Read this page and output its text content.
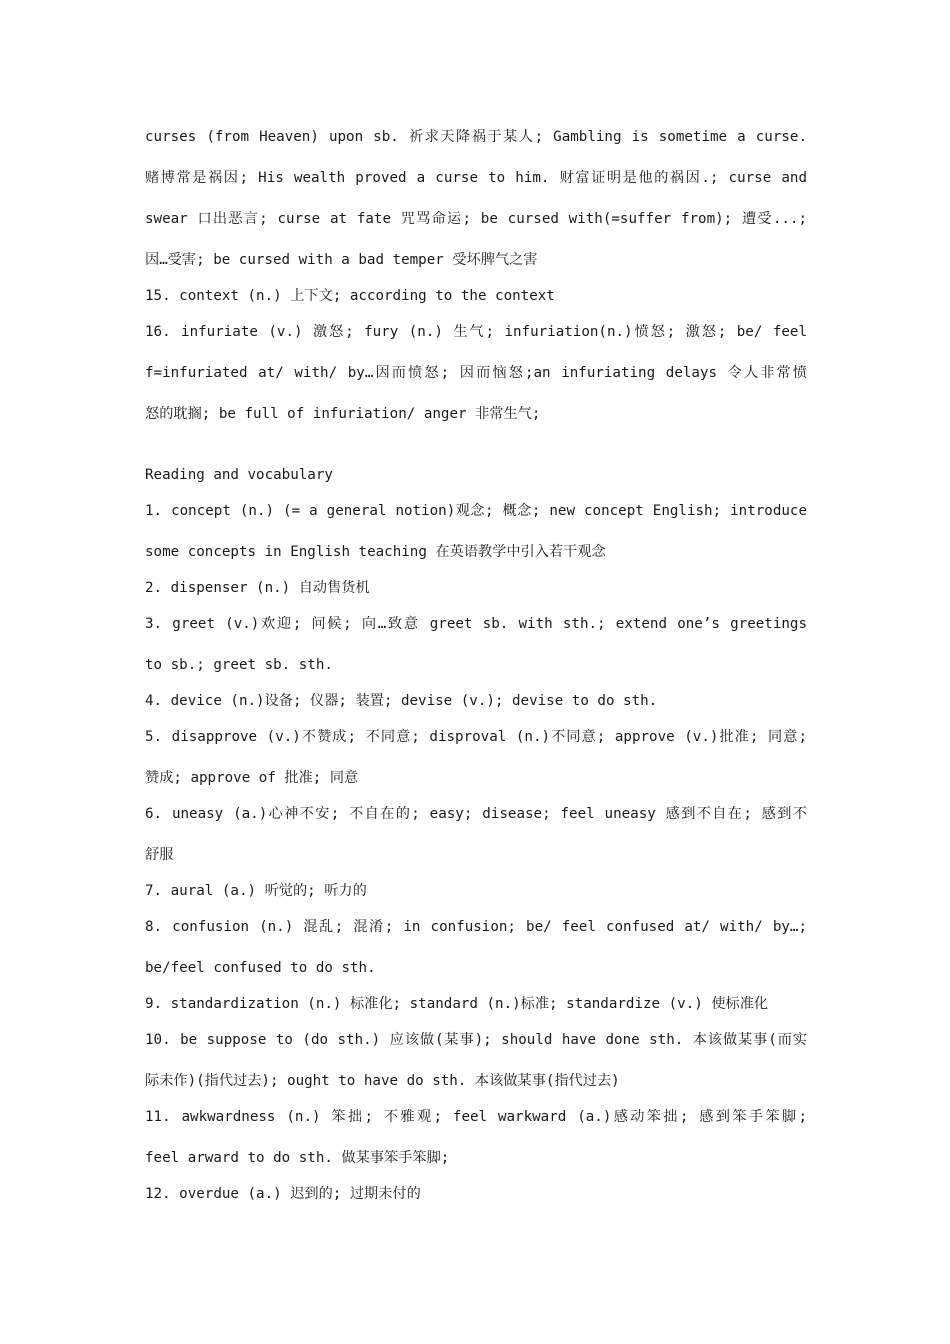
curses (from Heaven) upon sb. 祈求天降祸于某人; Gambling is sometime a curse.
赌博常是祸因; His wealth proved a curse to him. 财富证明是他的祸因.; curse and
swear 口出恶言; curse at fate 咒骂命运; be cursed with(=suffer from); 遭受...;
因…受害; be cursed with a bad temper 受坏脾气之害
15. context (n.) 上下文; according to the context
16. infuriate (v.) 激怒; fury (n.) 生气; infuriation(n.)愤怒; 激怒; be/ feel
f=infuriated at/ with/ by…因而愤怒; 因而恼怒;an infuriating delays 令人非常愤
怒的耽搁; be full of infuriation/ anger 非常生气;
Reading and vocabulary
1. concept (n.) (= a general notion)观念; 概念; new concept English; introduce
some concepts in English teaching 在英语教学中引入若干观念
2. dispenser (n.) 自动售货机
3. greet (v.)欢迎; 问候; 向…致意 greet sb. with sth.; extend one’s greetings
to sb.; greet sb. sth.
4. device (n.)设备; 仪器; 装置; devise (v.); devise to do sth.
5. disapprove (v.)不赞成; 不同意; disproval (n.)不同意; approve (v.)批准; 同意;
赞成; approve of 批准; 同意
6. uneasy (a.)心神不安; 不自在的; easy; disease; feel uneasy 感到不自在; 感到不
舒服
7. aural (a.) 听觉的; 听力的
8. confusion (n.) 混乱; 混淆; in confusion; be/ feel confused at/ with/ by…;
be/feel confused to do sth.
9. standardization (n.) 标准化; standard (n.)标准; standardize (v.) 使标准化
10. be suppose to (do sth.) 应该做(某事); should have done sth. 本该做某事(而实
际未作)(指代过去); ought to have do sth. 本该做某事(指代过去)
11. awkwardness (n.) 笨拙; 不雅观; feel warkward (a.)感动笨拙; 感到笨手笨脚;
feel arward to do sth. 做某事笨手笨脚;
12. overdue (a.) 迟到的; 过期未付的
